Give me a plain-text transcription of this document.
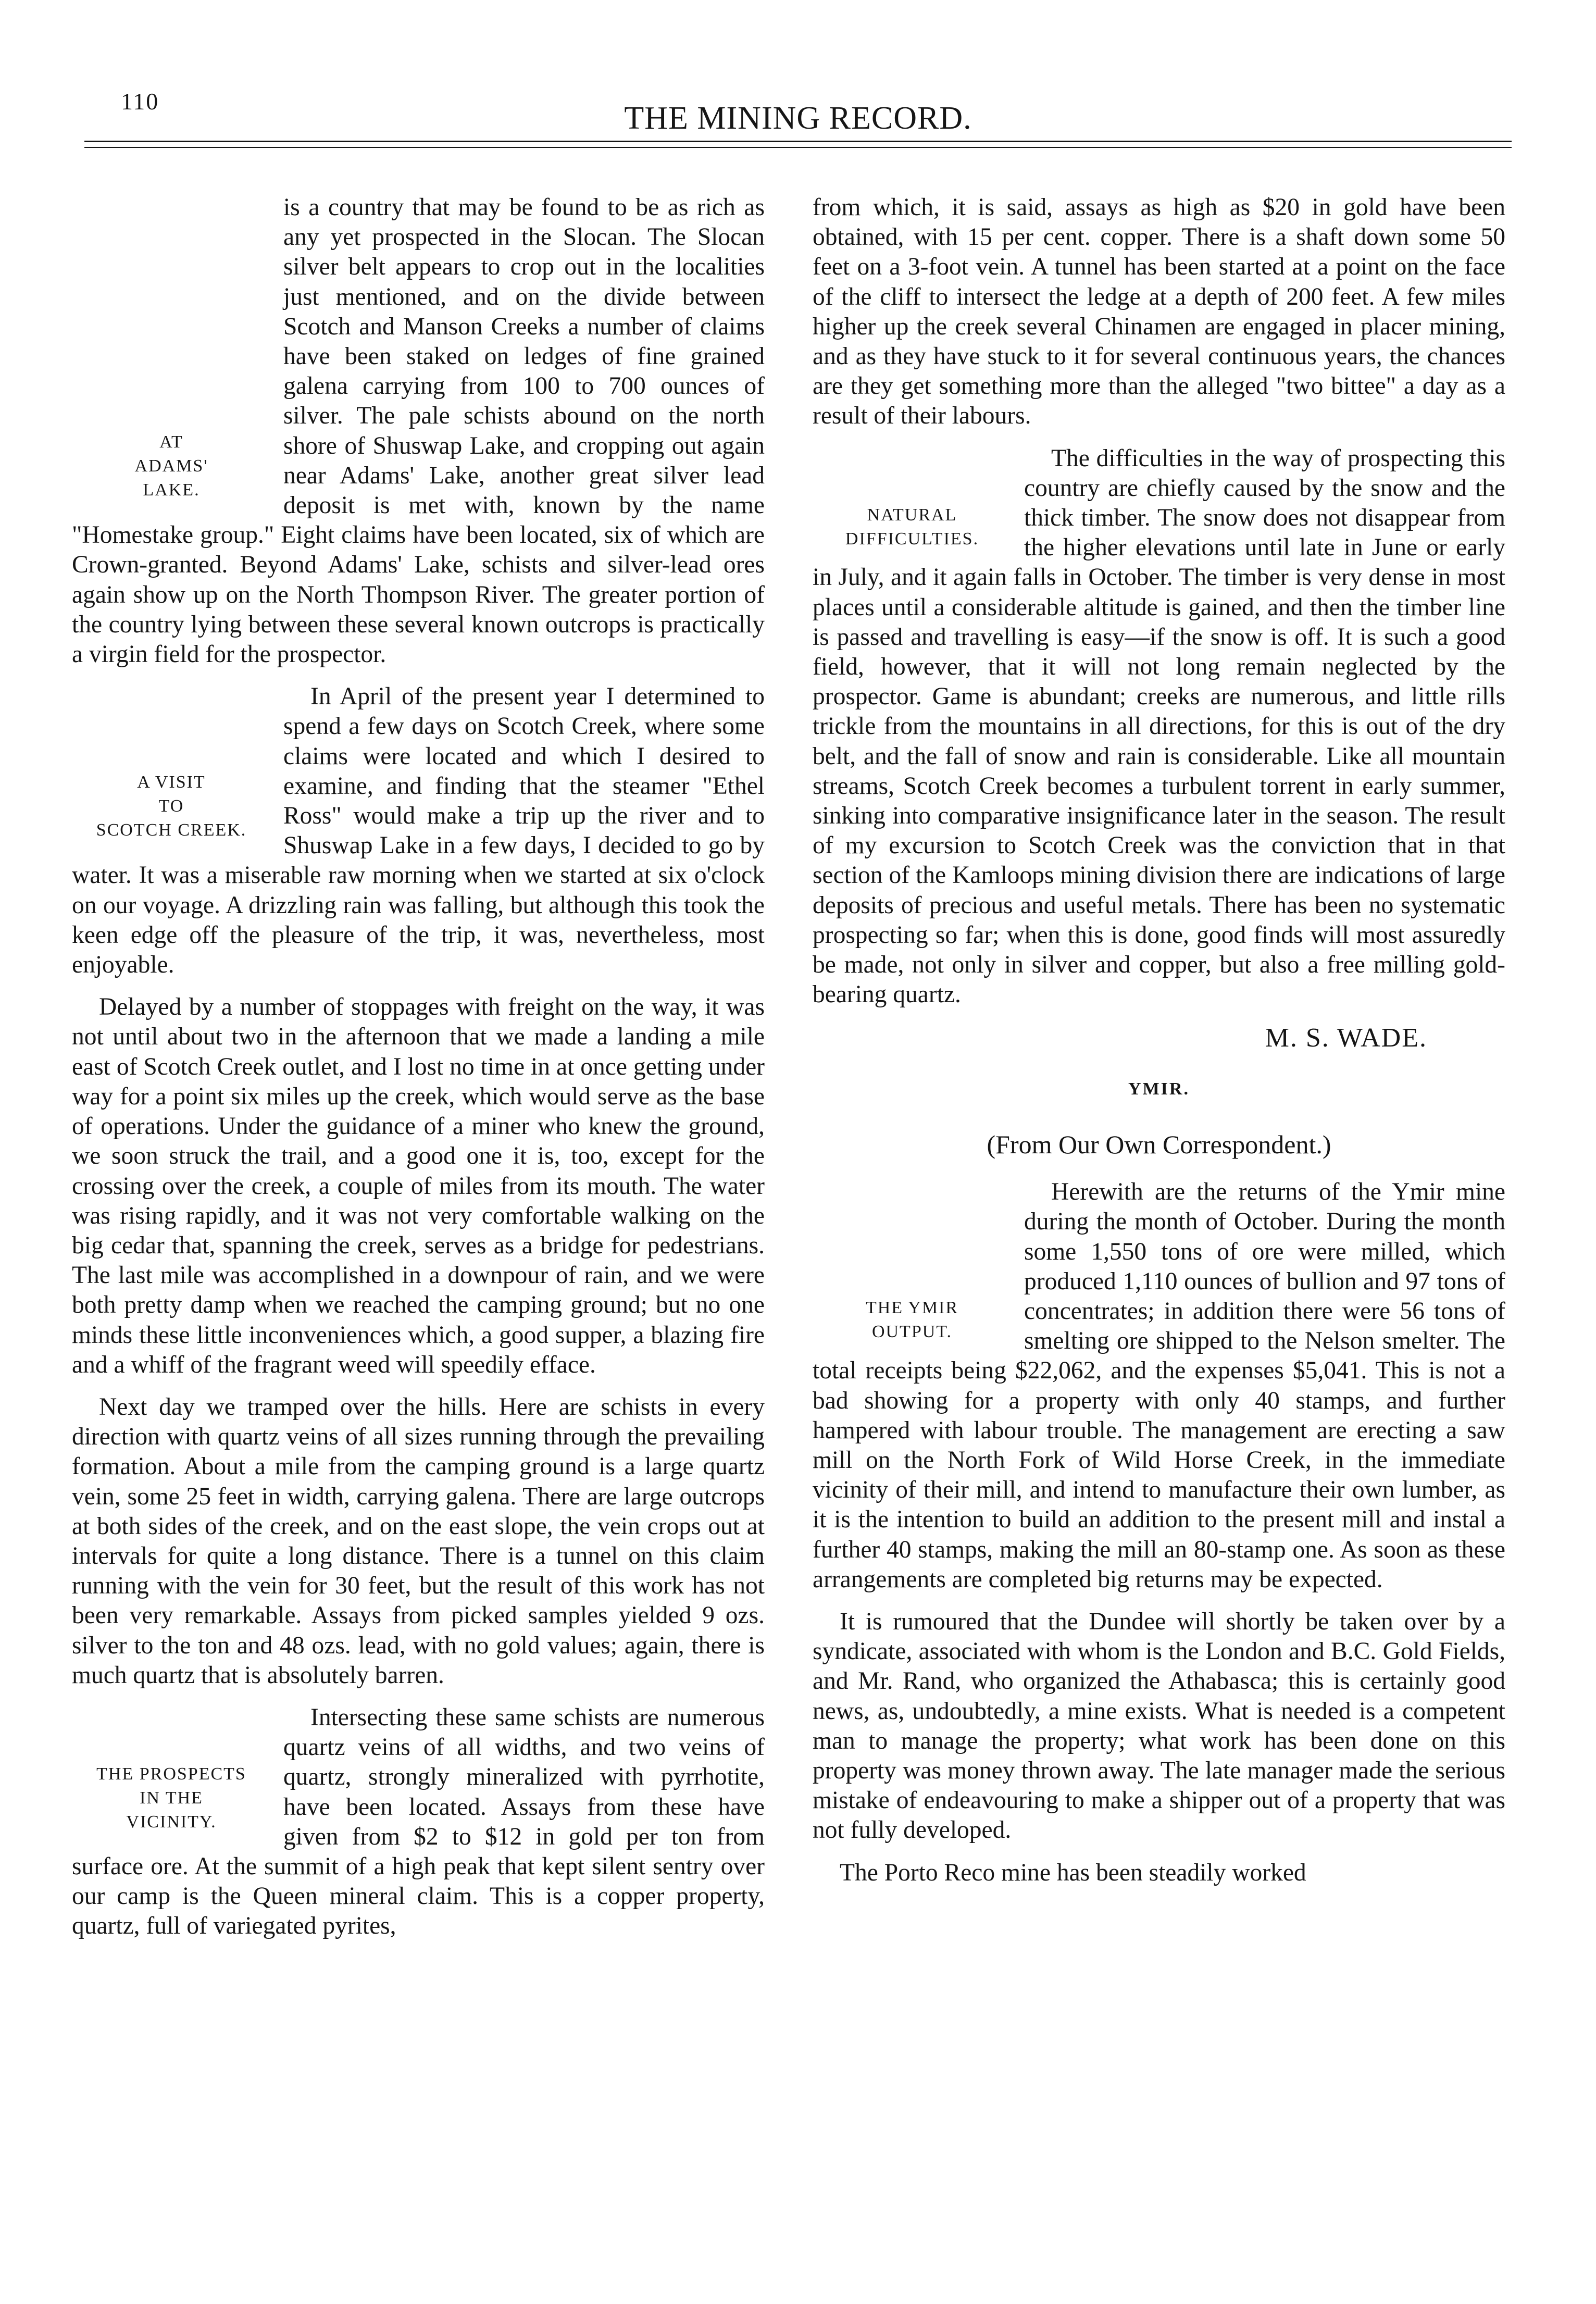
110	THE MINING RECORD.

AT
ADAMS'
LAKE.
is a country that may be found to be as rich as any yet prospected in the Slocan. The Slocan silver belt appears to crop out in the localities just mentioned, and on the divide between Scotch and Manson Creeks a number of claims have been staked on ledges of fine grained galena carrying from 100 to 700 ounces of silver. The pale schists abound on the north shore of Shuswap Lake, and cropping out again near Adams' Lake, another great silver lead deposit is met with, known by the name "Homestake group." Eight claims have been located, six of which are Crown-granted. Beyond Adams' Lake, schists and silver-lead ores again show up on the North Thompson River. The greater portion of the country lying between these several known outcrops is practically a virgin field for the prospector.

A VISIT
TO
SCOTCH CREEK.
In April of the present year I determined to spend a few days on Scotch Creek, where some claims were located and which I desired to examine, and finding that the steamer "Ethel Ross" would make a trip up the river and to Shuswap Lake in a few days, I decided to go by water. It was a miserable raw morning when we started at six o'clock on our voyage. A drizzling rain was falling, but although this took the keen edge off the pleasure of the trip, it was, nevertheless, most enjoyable.

Delayed by a number of stoppages with freight on the way, it was not until about two in the afternoon that we made a landing a mile east of Scotch Creek outlet, and I lost no time in at once getting under way for a point six miles up the creek, which would serve as the base of operations. Under the guidance of a miner who knew the ground, we soon struck the trail, and a good one it is, too, except for the crossing over the creek, a couple of miles from its mouth. The water was rising rapidly, and it was not very comfortable walking on the big cedar that, spanning the creek, serves as a bridge for pedestrians. The last mile was accomplished in a downpour of rain, and we were both pretty damp when we reached the camping ground; but no one minds these little inconveniences which, a good supper, a blazing fire and a whiff of the fragrant weed will speedily efface.

Next day we tramped over the hills. Here are schists in every direction with quartz veins of all sizes running through the prevailing formation. About a mile from the camping ground is a large quartz vein, some 25 feet in width, carrying galena. There are large outcrops at both sides of the creek, and on the east slope, the vein crops out at intervals for quite a long distance. There is a tunnel on this claim running with the vein for 30 feet, but the result of this work has not been very remarkable. Assays from picked samples yielded 9 ozs. silver to the ton and 48 ozs. lead, with no gold values; again, there is much quartz that is absolutely barren.

THE PROSPECTS
IN THE
VICINITY.
Intersecting these same schists are numerous quartz veins of all widths, and two veins of quartz, strongly mineralized with pyrrhotite, have been located. Assays from these have given from $2 to $12 in gold per ton from surface ore. At the summit of a high peak that kept silent sentry over our camp is the Queen mineral claim. This is a copper property, quartz, full of variegated pyrites,

from which, it is said, assays as high as $20 in gold have been obtained, with 15 per cent. copper. There is a shaft down some 50 feet on a 3-foot vein. A tunnel has been started at a point on the face of the cliff to intersect the ledge at a depth of 200 feet. A few miles higher up the creek several Chinamen are engaged in placer mining, and as they have stuck to it for several continuous years, the chances are they get something more than the alleged "two bittee" a day as a result of their labours.

NATURAL
DIFFICULTIES.
The difficulties in the way of prospecting this country are chiefly caused by the snow and the thick timber. The snow does not disappear from the higher elevations until late in June or early in July, and it again falls in October. The timber is very dense in most places until a considerable altitude is gained, and then the timber line is passed and travelling is easy—if the snow is off. It is such a good field, however, that it will not long remain neglected by the prospector. Game is abundant; creeks are numerous, and little rills trickle from the mountains in all directions, for this is out of the dry belt, and the fall of snow and rain is considerable. Like all mountain streams, Scotch Creek becomes a turbulent torrent in early summer, sinking into comparative insignificance later in the season. The result of my excursion to Scotch Creek was the conviction that in that section of the Kamloops mining division there are indications of large deposits of precious and useful metals. There has been no systematic prospecting so far; when this is done, good finds will most assuredly be made, not only in silver and copper, but also a free milling gold-bearing quartz.

M. S. WADE.
YMIR.
(From Our Own Correspondent.)

THE YMIR
OUTPUT.
Herewith are the returns of the Ymir mine during the month of October. During the month some 1,550 tons of ore were milled, which produced 1,110 ounces of bullion and 97 tons of concentrates; in addition there were 56 tons of smelting ore shipped to the Nelson smelter. The total receipts being $22,062, and the expenses $5,041. This is not a bad showing for a property with only 40 stamps, and further hampered with labour trouble. The management are erecting a saw mill on the North Fork of Wild Horse Creek, in the immediate vicinity of their mill, and intend to manufacture their own lumber, as it is the intention to build an addition to the present mill and instal a further 40 stamps, making the mill an 80-stamp one. As soon as these arrangements are completed big returns may be expected.

It is rumoured that the Dundee will shortly be taken over by a syndicate, associated with whom is the London and B.C. Gold Fields, and Mr. Rand, who organized the Athabasca; this is certainly good news, as, undoubtedly, a mine exists. What is needed is a competent man to manage the property; what work has been done on this property was money thrown away. The late manager made the serious mistake of endeavouring to make a shipper out of a property that was not fully developed.

The Porto Reco mine has been steadily worked
